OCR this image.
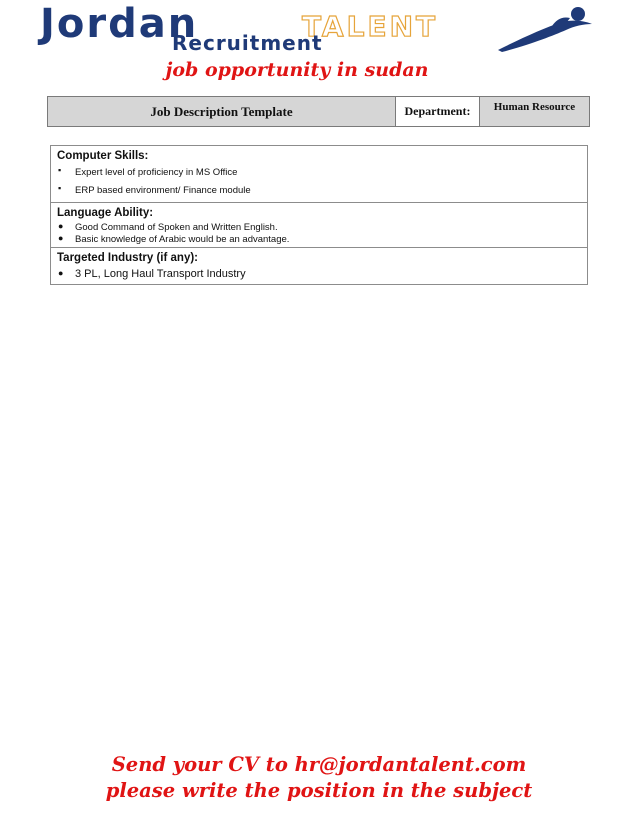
Jordan	TALENT
Recruitment
job opportunity in sudan
Job Description Template	Department:	Human Resource

Computer Skills:

▪ Expert level of proficiency in MS Office
▪ ERP based environment/ Finance module

Language Ability:

● Good Command of Spoken and Written English.
● Basic knowledge of Arabic would be an advantage.

Targeted Industry (if any):

● 3 PL, Long Haul Transport Industry
Send your CV to hr@jordantalent.com
please write the position in the subject
